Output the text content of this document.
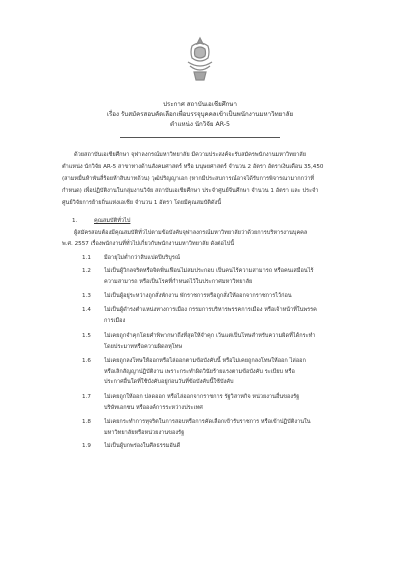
ประกาศ สถาบันเอเชียศึกษา
เรื่อง รับสมัครสอบคัดเลือกเพื่อบรรจุบุคคลเข้าเป็นพนักงานมหาวิทยาลัย
ตำแหน่ง นักวิจัย AR-5
ด้วยสถาบันเอเชียศึกษา จุฬาลงกรณ์มหาวิทยาลัย มีความประสงค์จะรับสมัครพนักงานมหาวิทยาลัย
ตำแหน่ง นักวิจัย AR-5 สาขาทางด้านสังคมศาสตร์ หรือ มนุษยศาสตร์ จำนวน 2 อัตรา อัตราเงินเดือน 35,450
(สามหมื่นห้าพันสี่ร้อยห้าสิบบาทถ้วน) วุฒิปริญญาเอก (หากมีประสบการณ์อาจได้รับการพิจารณามากกว่าที่
กำหนด) เพื่อปฏิบัติงานในกลุ่มงานวิจัย สถาบันเอเชียศึกษา ประจำศูนย์จีนศึกษา จำนวน 1 อัตรา และ ประจำ
ศูนย์วิจัยการย้ายถิ่นแห่งเอเชีย จำนวน 1 อัตรา โดยมีคุณสมบัติดังนี้
1.	คุณสมบัติทั่วไป
ผู้สมัครสอบต้องมีคุณสมบัติทั่วไปตามข้อบังคับจุฬาลงกรณ์มหาวิทยาลัยว่าด้วยการบริหารงานบุคคล
พ.ศ. 2557 เรื่องพนักงานที่ทั่วไปเกี่ยวกับพนักงานมหาวิทยาลัย ดังต่อไปนี้
1.1 มีอายุไม่ต่ำกว่าสิบแปดปีบริบูรณ์
1.2 ไม่เป็นผู้วิกลจริตหรือจิตฟั่นเฟือนไม่สมประกอบ เป็นคนไร้ความสามารถ หรือคนเสมือนไร้
ความสามารถ หรือเป็นโรคที่กำหนดไว้ในประกาศมหาวิทยาลัย
1.3 ไม่เป็นผู้อยู่ระหว่างถูกสั่งพักงาน พักราชการหรือถูกสั่งให้ออกจากราชการไว้ก่อน
1.4 ไม่เป็นผู้ดำรงตำแหน่งทางการเมือง กรรมการบริหารพรรคการเมือง หรือเจ้าหน้าที่ในพรรค
การเมือง
1.5 ไม่เคยถูกจำคุกโดยคำพิพากษาถึงที่สุดให้จำคุก เว้นแต่เป็นโทษสำหรับความผิดที่ได้กระทำ
โดยประมาทหรือความผิดลหุโทษ
1.6 ไม่เคยถูกลงโทษให้ออกหรือไล่ออกตามข้อบังคับนี้ หรือไม่เคยถูกลงโทษให้ออก ไล่ออก
หรือเลิกสัญญาปฏิบัติงาน เพราะกระทำผิดวินัยร้ายแรงตามข้อบังคับ ระเบียบ หรือ
ประกาศอื่นใดที่ใช้บังคับอยู่ก่อนวันที่ข้อบังคับนี้ใช้บังคับ
1.7 ไม่เคยถูกให้ออก ปลดออก หรือไล่ออกจากราชการ รัฐวิสาหกิจ หน่วยงานอื่นของรัฐ
บริษัทเอกชน หรือองค์การระหว่างประเทศ
1.8 ไม่เคยกระทำการทุจริตในการสอบหรือการคัดเลือกเข้ารับราชการ หรือเข้าปฏิบัติงานใน
มหาวิทยาลัยหรือหน่วยงานของรัฐ
1.9 ไม่เป็นผู้บกพร่องในศีลธรรมอันดี
